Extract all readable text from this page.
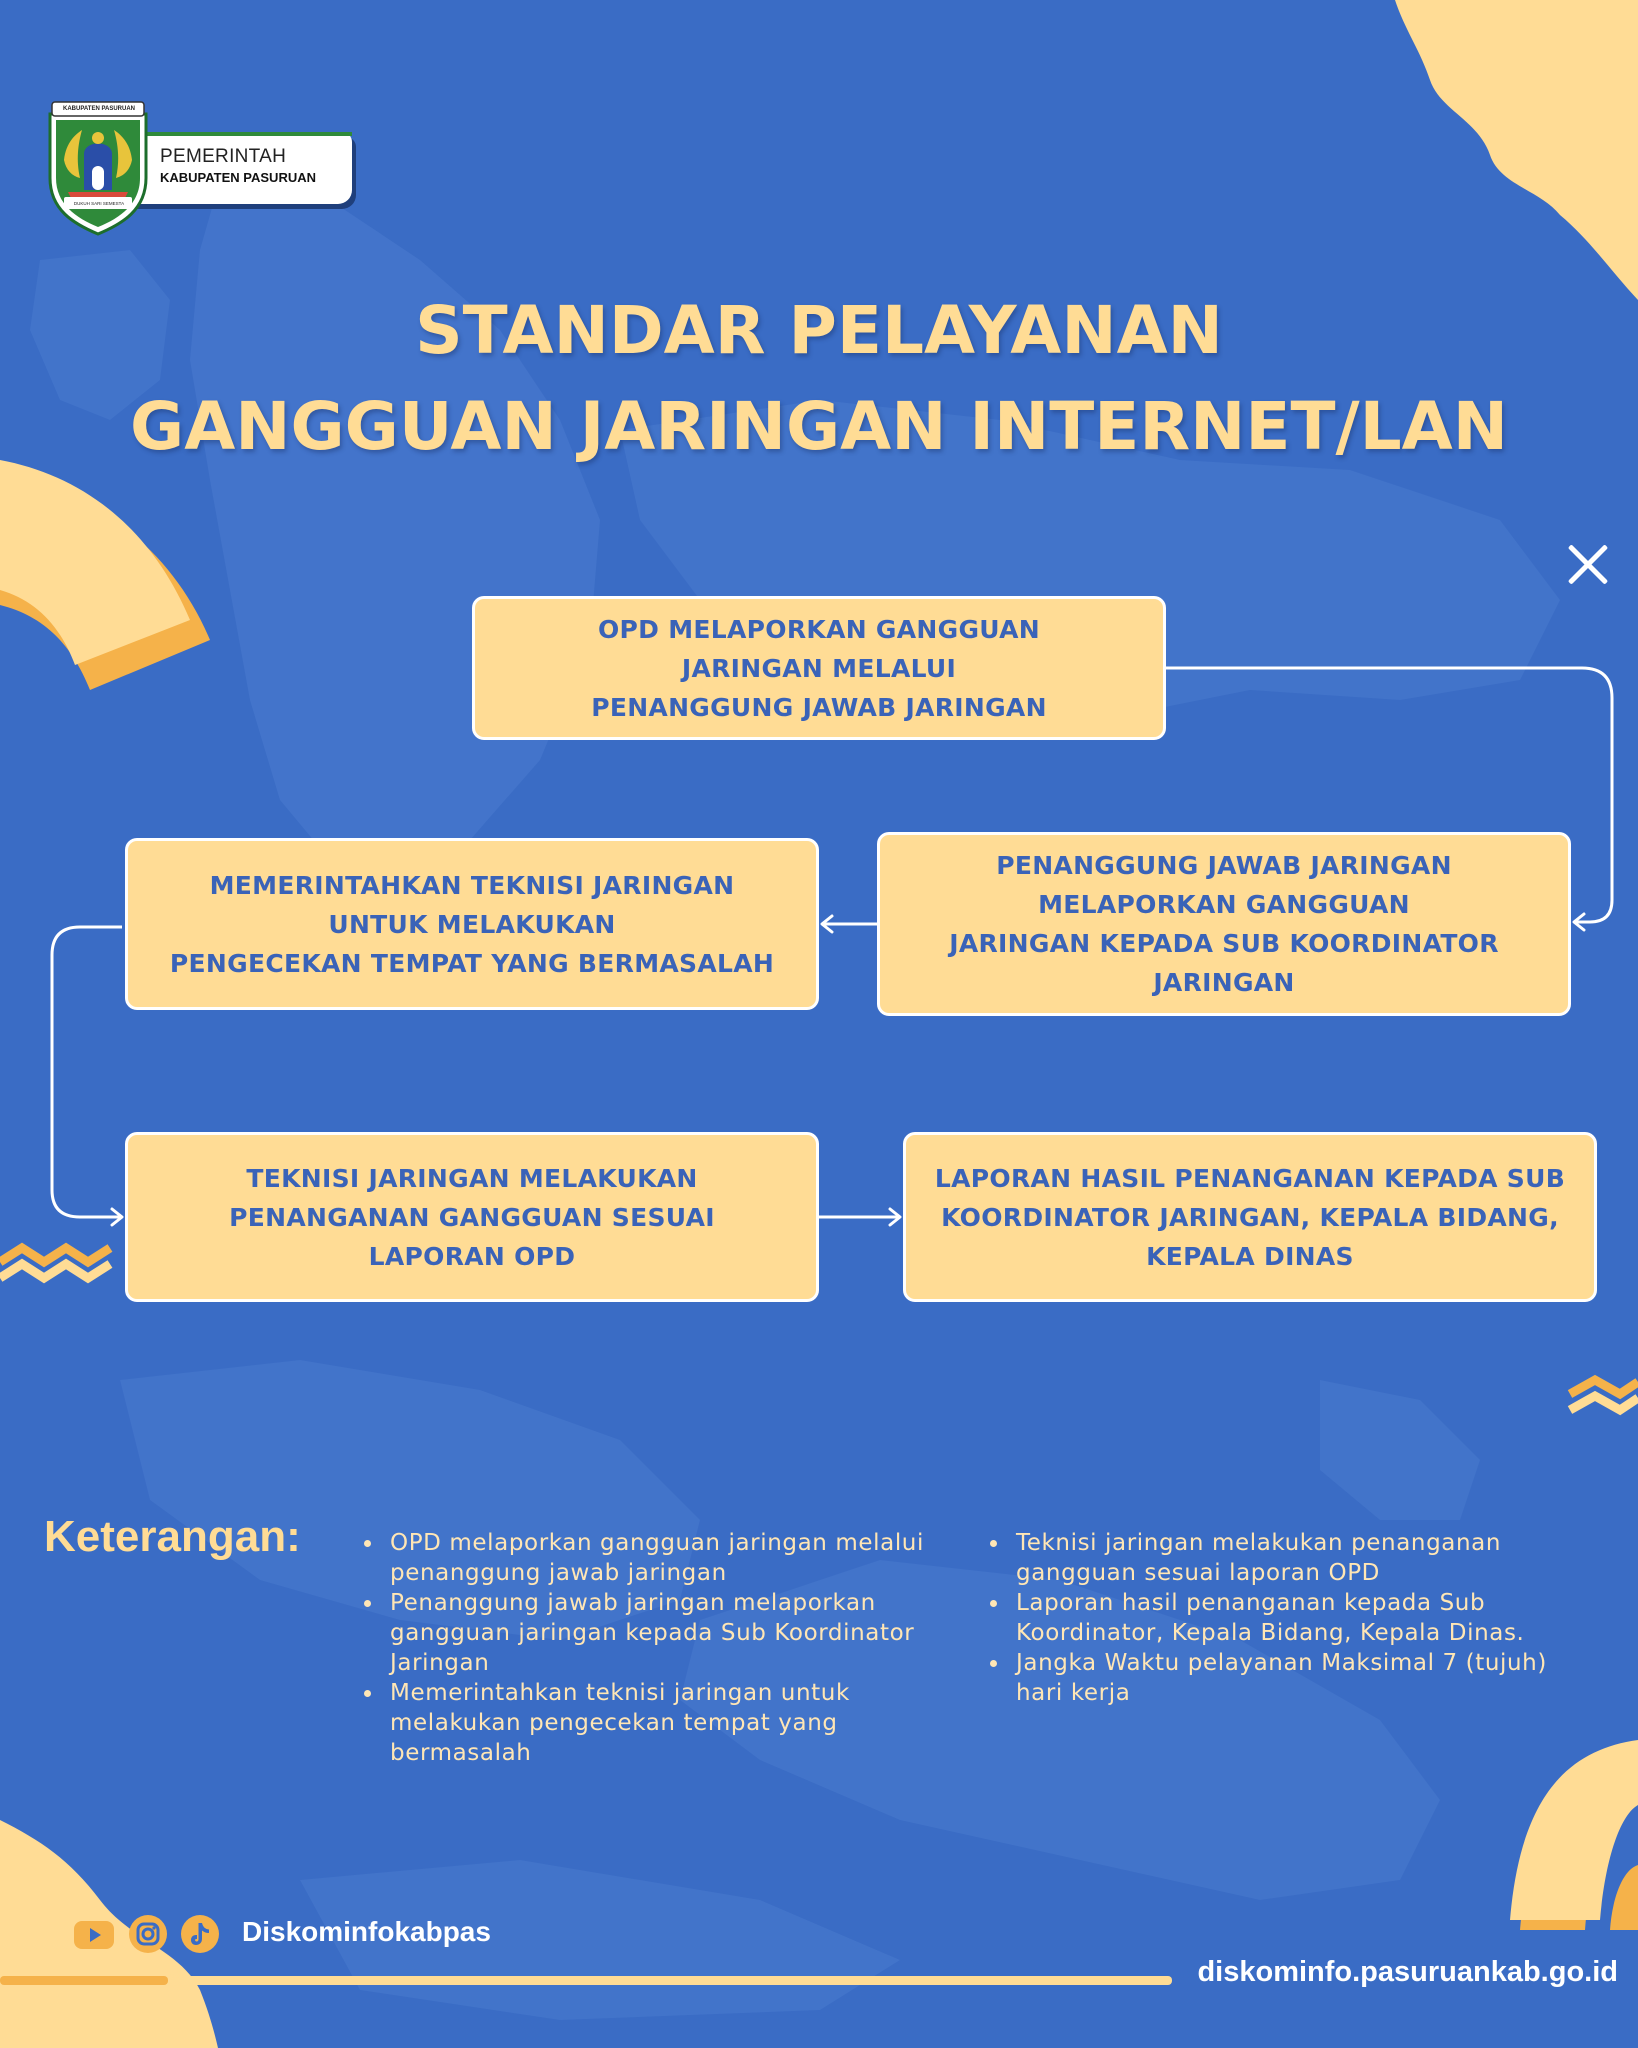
PEMERINTAH
KABUPATEN PASURUAN
KABUPATEN PASURUAN
DUKUH SARI SEMESTA
STANDAR PELAYANAN
GANGGUAN JARINGAN INTERNET/LAN
OPD MELAPORKAN GANGGUAN
JARINGAN MELALUI
PENANGGUNG JAWAB JARINGAN
PENANGGUNG JAWAB JARINGAN
MELAPORKAN GANGGUAN
JARINGAN KEPADA SUB KOORDINATOR
JARINGAN
MEMERINTAHKAN TEKNISI JARINGAN
UNTUK MELAKUKAN
PENGECEKAN TEMPAT YANG BERMASALAH
TEKNISI JARINGAN MELAKUKAN
PENANGANAN GANGGUAN SESUAI
LAPORAN OPD
LAPORAN HASIL PENANGANAN KEPADA SUB
KOORDINATOR JARINGAN, KEPALA BIDANG,
KEPALA DINAS
Keterangan:	OPD melaporkan gangguan jaringan melalui penanggung jawab jaringan
Penanggung jawab jaringan melaporkan gangguan jaringan kepada Sub Koordinator Jaringan
Memerintahkan teknisi jaringan untuk melakukan pengecekan tempat yang bermasalah
Teknisi jaringan melakukan penanganan gangguan sesuai laporan OPD
Laporan hasil penanganan kepada Sub Koordinator, Kepala Bidang, Kepala Dinas.
Jangka Waktu pelayanan Maksimal 7 (tujuh) hari kerja
Diskominfokabpas
diskominfo.pasuruankab.go.id
